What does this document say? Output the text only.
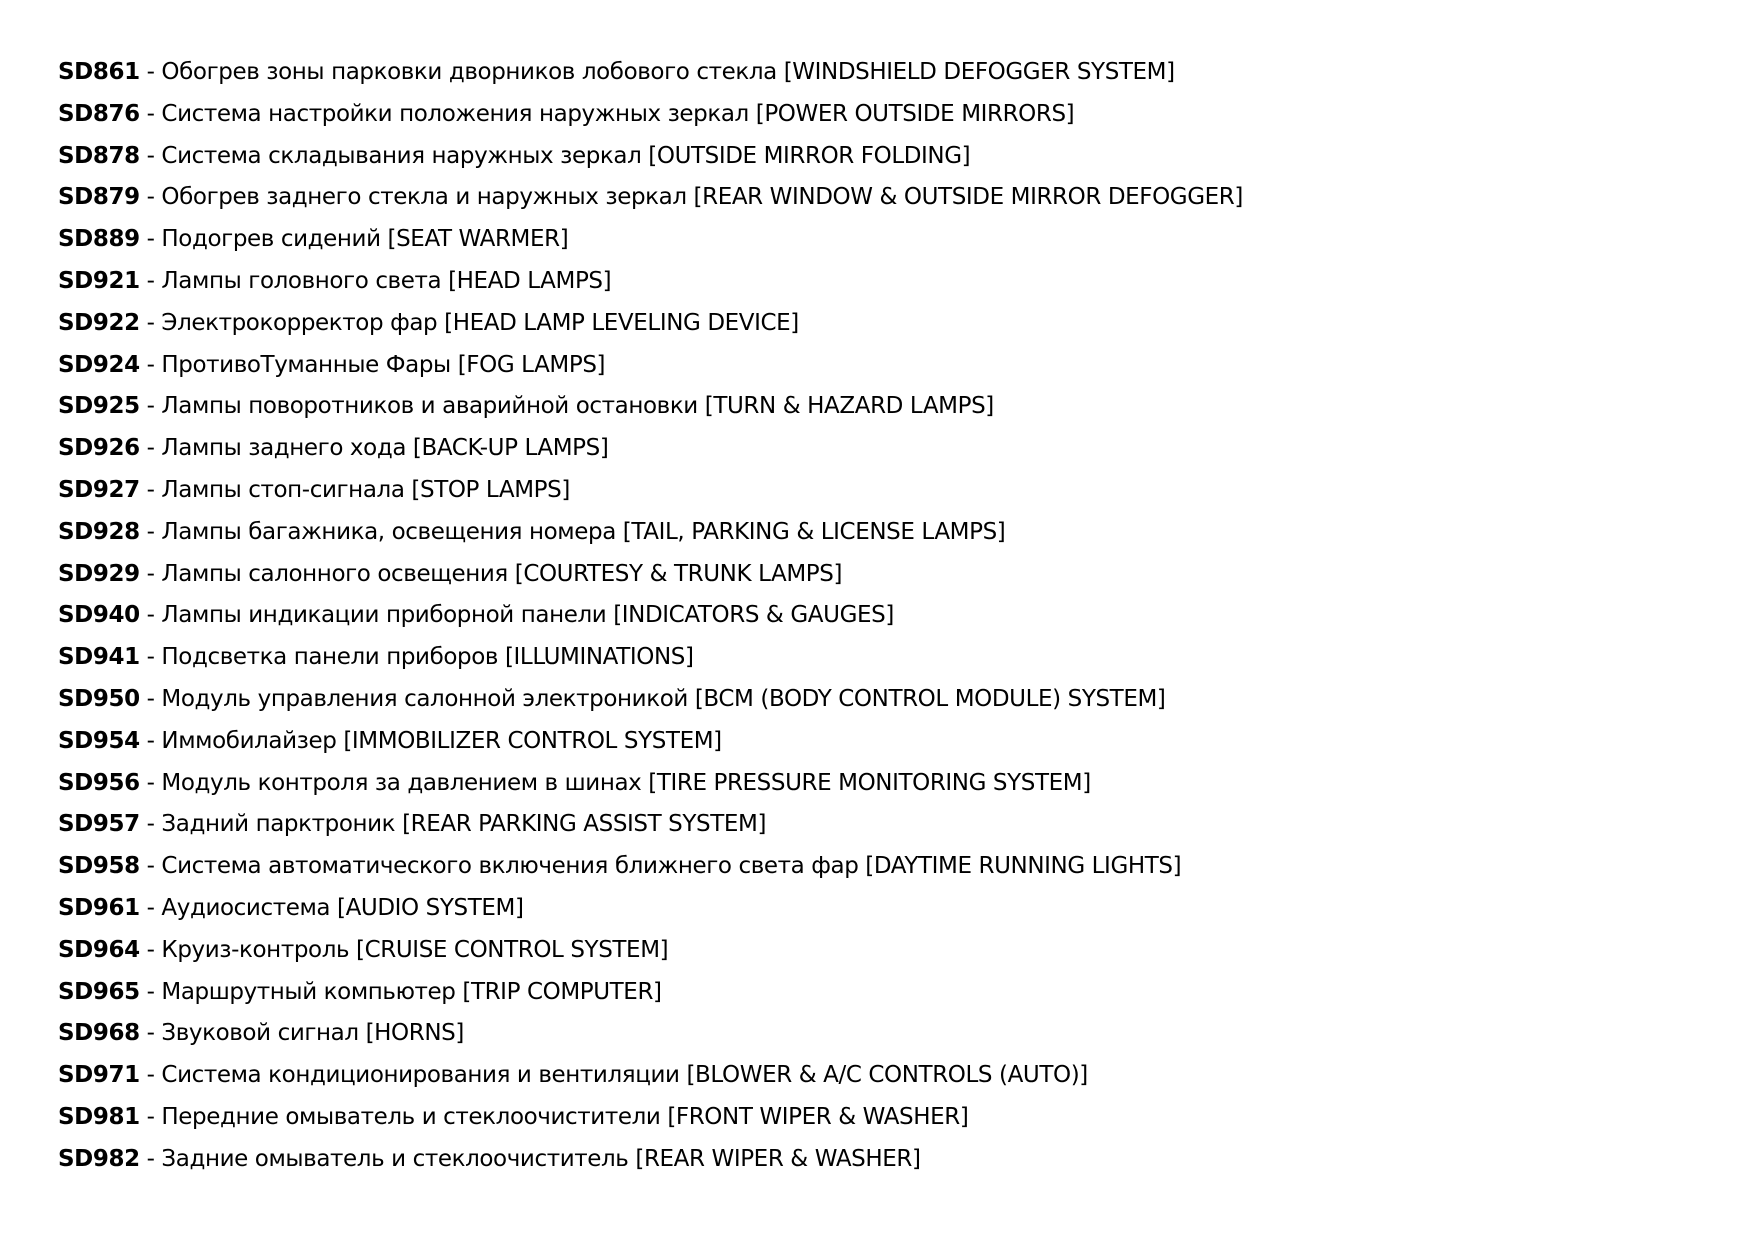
SD861 - Обогрев зоны парковки дворников лобового стекла [WINDSHIELD DEFOGGER SYSTEM]
SD876 - Система настройки положения наружных зеркал [POWER OUTSIDE MIRRORS]
SD878 - Система складывания наружных зеркал [OUTSIDE MIRROR FOLDING]
SD879 - Обогрев заднего стекла и наружных зеркал [REAR WINDOW & OUTSIDE MIRROR DEFOGGER]
SD889 - Подогрев сидений [SEAT WARMER]
SD921 - Лампы головного света [HEAD LAMPS]
SD922 - Электрокорректор фар [HEAD LAMP LEVELING DEVICE]
SD924 - ПротивоТуманные Фары [FOG LAMPS]
SD925 - Лампы поворотников и аварийной остановки [TURN & HAZARD LAMPS]
SD926 - Лампы заднего хода [BACK-UP LAMPS]
SD927 - Лампы стоп-сигнала [STOP LAMPS]
SD928 - Лампы багажника, освещения номера [TAIL, PARKING & LICENSE LAMPS]
SD929 - Лампы салонного освещения [COURTESY & TRUNK LAMPS]
SD940 - Лампы индикации приборной панели [INDICATORS & GAUGES]
SD941 - Подсветка панели приборов [ILLUMINATIONS]
SD950 - Модуль управления салонной электроникой [BCM (BODY CONTROL MODULE) SYSTEM]
SD954 - Иммобилайзер [IMMOBILIZER CONTROL SYSTEM]
SD956 - Модуль контроля за давлением в шинах [TIRE PRESSURE MONITORING SYSTEM]
SD957 - Задний парктроник [REAR PARKING ASSIST SYSTEM]
SD958 - Система автоматического включения ближнего света фар [DAYTIME RUNNING LIGHTS]
SD961 - Аудиосистема [AUDIO SYSTEM]
SD964 - Круиз-контроль [CRUISE CONTROL SYSTEM]
SD965 - Маршрутный компьютер [TRIP COMPUTER]
SD968 - Звуковой сигнал [HORNS]
SD971 - Система кондиционирования и вентиляции [BLOWER & A/C CONTROLS (AUTO)]
SD981 - Передние омыватель и стеклоочистители [FRONT WIPER & WASHER]
SD982 - Задние омыватель и стеклоочиститель [REAR WIPER & WASHER]
